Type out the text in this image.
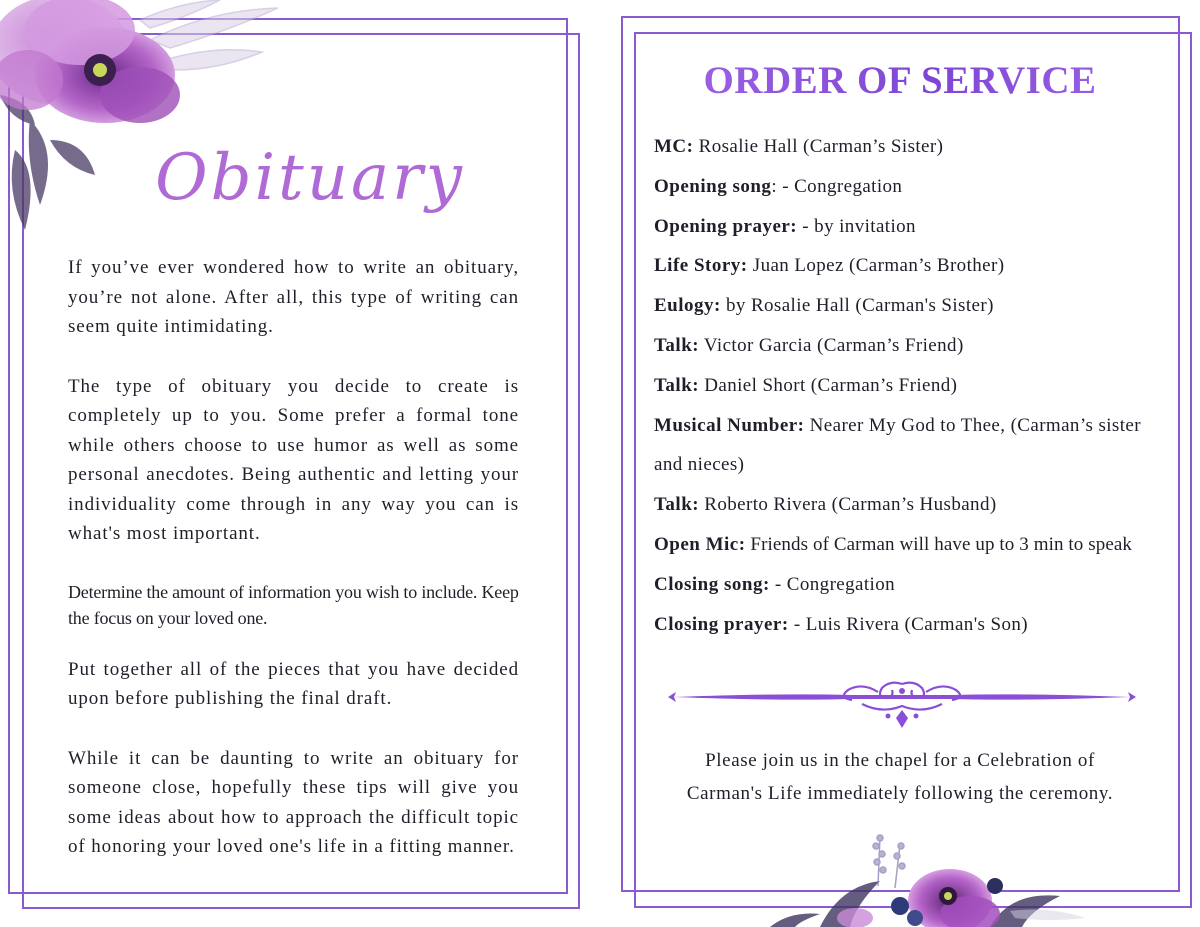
Obituary

If you’ve ever wondered how to write an obituary, you’re not alone. After all, this type of writing can seem quite intimidating.

The type of obituary you decide to create is completely up to you. Some prefer a formal tone while others choose to use humor as well as some personal anecdotes. Being authentic and letting your individuality come through in any way you can is what's most important.

Determine the amount of information you wish to include. Keep the focus on your loved one.

Put together all of the pieces that you have decided upon before publishing the final draft.

While it can be daunting to write an obituary for someone close, hopefully these tips will give you some ideas about how to approach the difficult topic of honoring your loved one's life in a fitting manner.

ORDER OF SERVICE
MC: Rosalie Hall (Carman’s Sister)
Opening song: - Congregation
Opening prayer: - by invitation
Life Story: Juan Lopez (Carman’s Brother)
Eulogy: by Rosalie Hall (Carman's Sister)
Talk: Victor Garcia (Carman’s Friend)
Talk: Daniel Short (Carman’s Friend)
Musical Number: Nearer My God to Thee, (Carman’s sister and nieces)
Talk: Roberto Rivera (Carman’s Husband)
Open Mic: Friends of Carman will have up to 3 min to speak
Closing song: - Congregation
Closing prayer: - Luis Rivera (Carman's Son)
Please join us in the chapel for a Celebration of
Carman's Life immediately following the ceremony.
